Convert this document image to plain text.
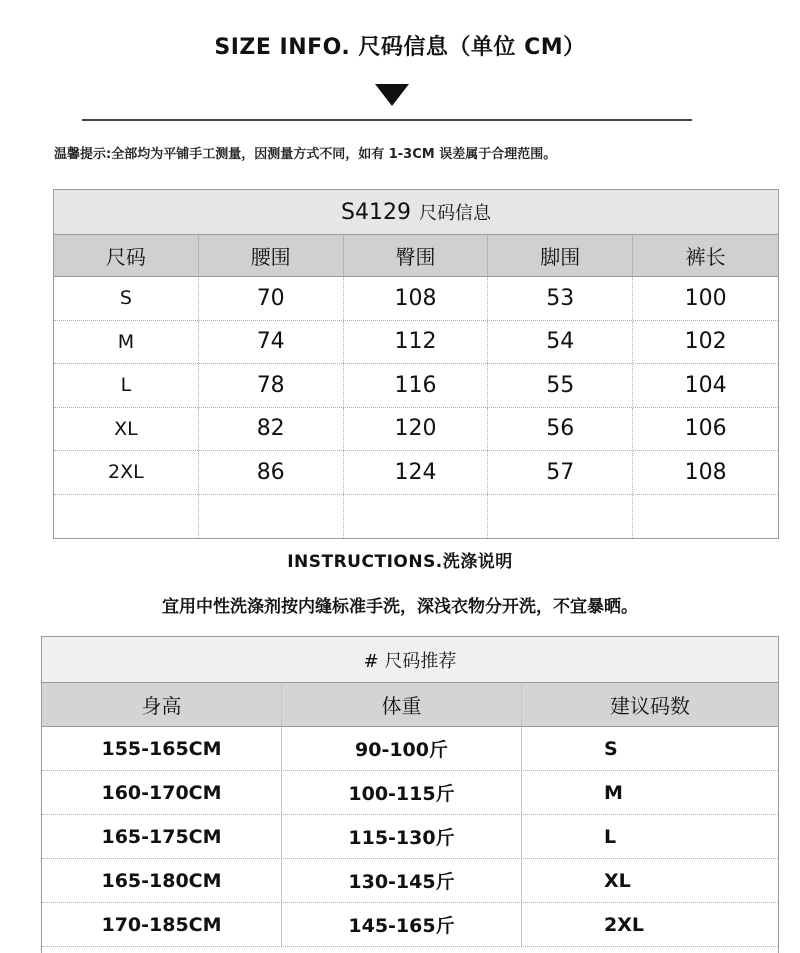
SIZE INFO. 尺码信息（单位 CM）
温馨提示:全部均为平铺手工测量，因测量方式不同，如有 1-3CM 误差属于合理范围。
S4129 尺码信息
尺码	腰围	臀围	脚围	裤长
S	70	108	53	100
M	74	112	54	102
L	78	116	55	104
XL	82	120	56	106
2XL	86	124	57	108
INSTRUCTIONS.洗涤说明
宜用中性洗涤剂按内缝标准手洗，深浅衣物分开洗，不宜暴晒。
# 尺码推荐
身高	体重	建议码数
155-165CM	90-100斤	S
160-170CM	100-115斤	M
165-175CM	115-130斤	L
165-180CM	130-145斤	XL
170-185CM	145-165斤	2XL
